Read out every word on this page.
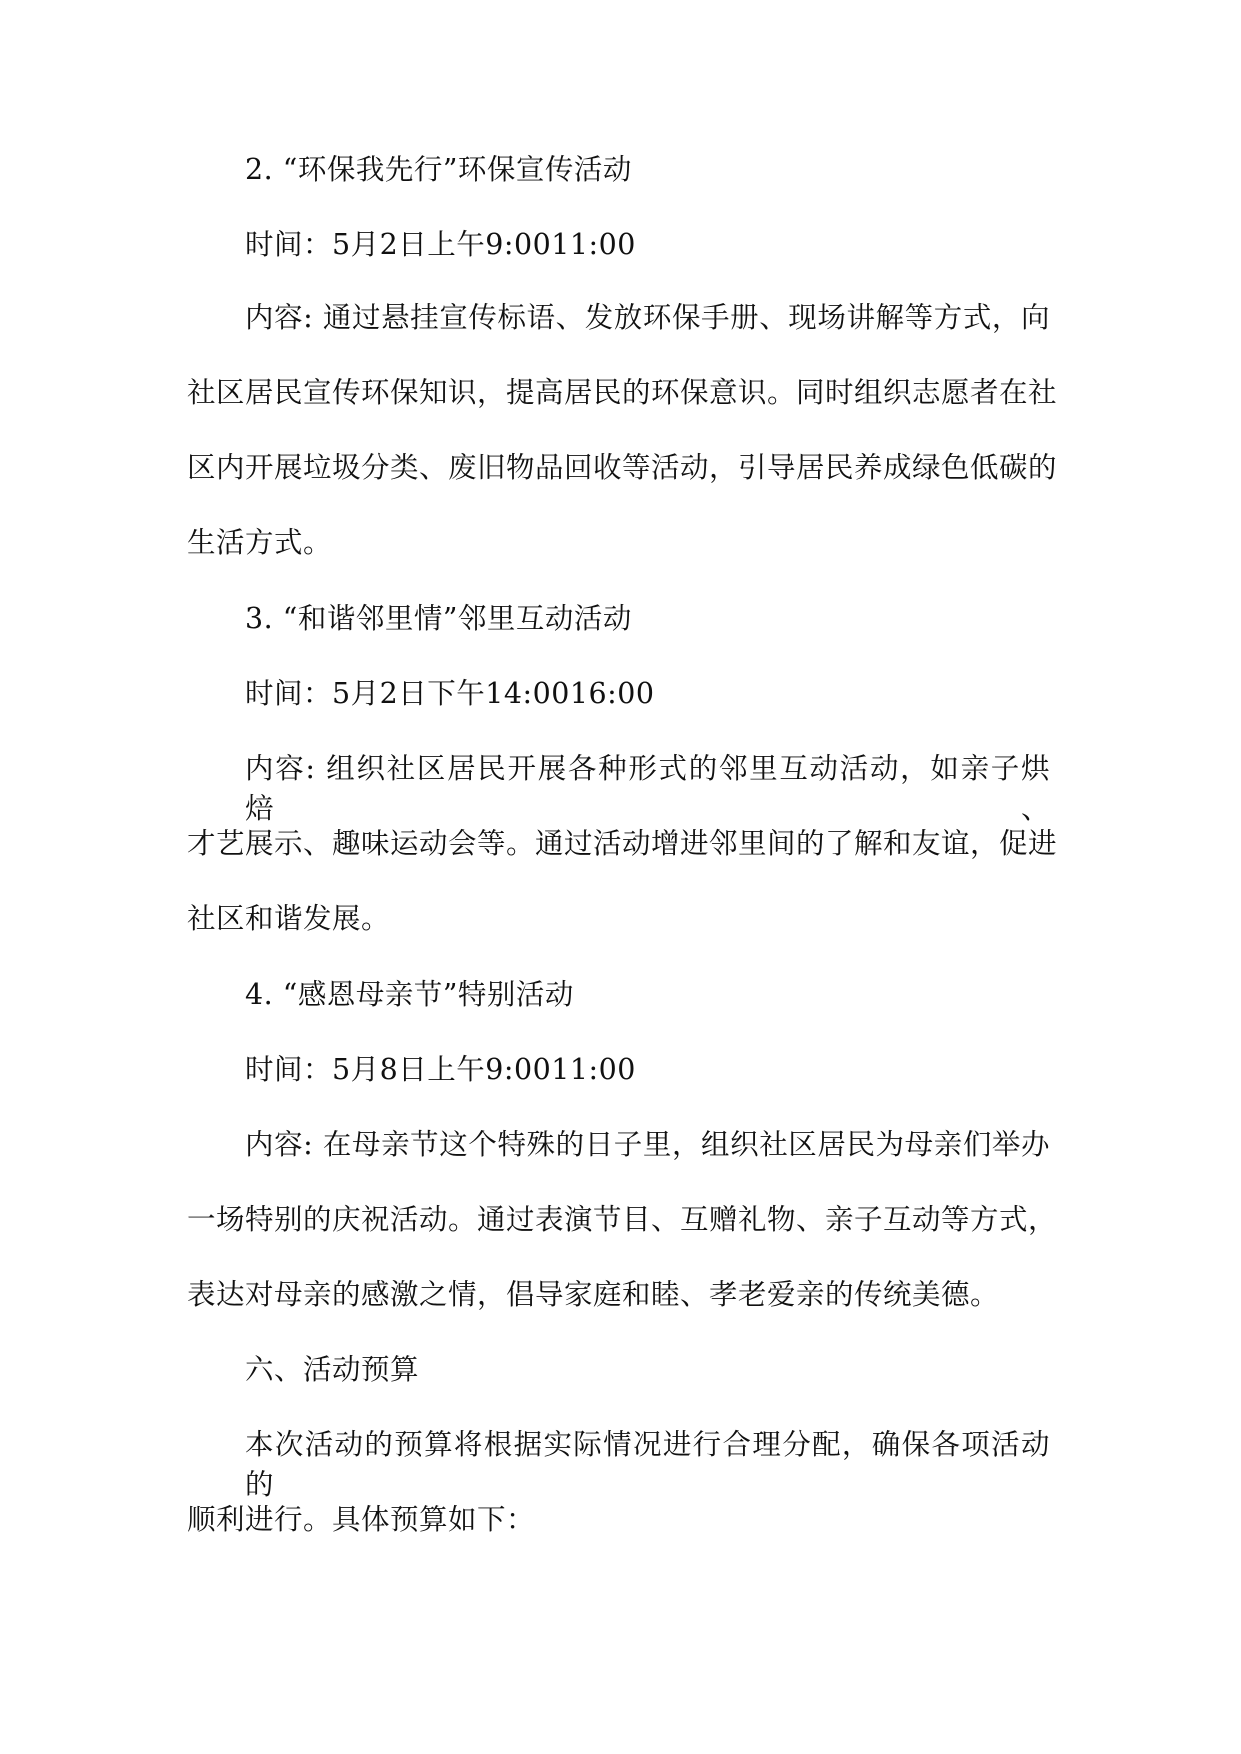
2. “环保我先行”环保宣传活动
时间：5月2日上午9:0011:00
内容: 通过悬挂宣传标语、发放环保手册、现场讲解等方式，向
社区居民宣传环保知识，提高居民的环保意识。同时组织志愿者在社
区内开展垃圾分类、废旧物品回收等活动，引导居民养成绿色低碳的
生活方式。
3. “和谐邻里情”邻里互动活动
时间：5月2日下午14:0016:00
内容: 组织社区居民开展各种形式的邻里互动活动，如亲子烘焙、
才艺展示、趣味运动会等。通过活动增进邻里间的了解和友谊，促进
社区和谐发展。
4. “感恩母亲节”特别活动
时间：5月8日上午9:0011:00
内容: 在母亲节这个特殊的日子里，组织社区居民为母亲们举办
一场特别的庆祝活动。通过表演节目、互赠礼物、亲子互动等方式，
表达对母亲的感激之情，倡导家庭和睦、孝老爱亲的传统美德。
六、活动预算
本次活动的预算将根据实际情况进行合理分配，确保各项活动的
顺利进行。具体预算如下：
